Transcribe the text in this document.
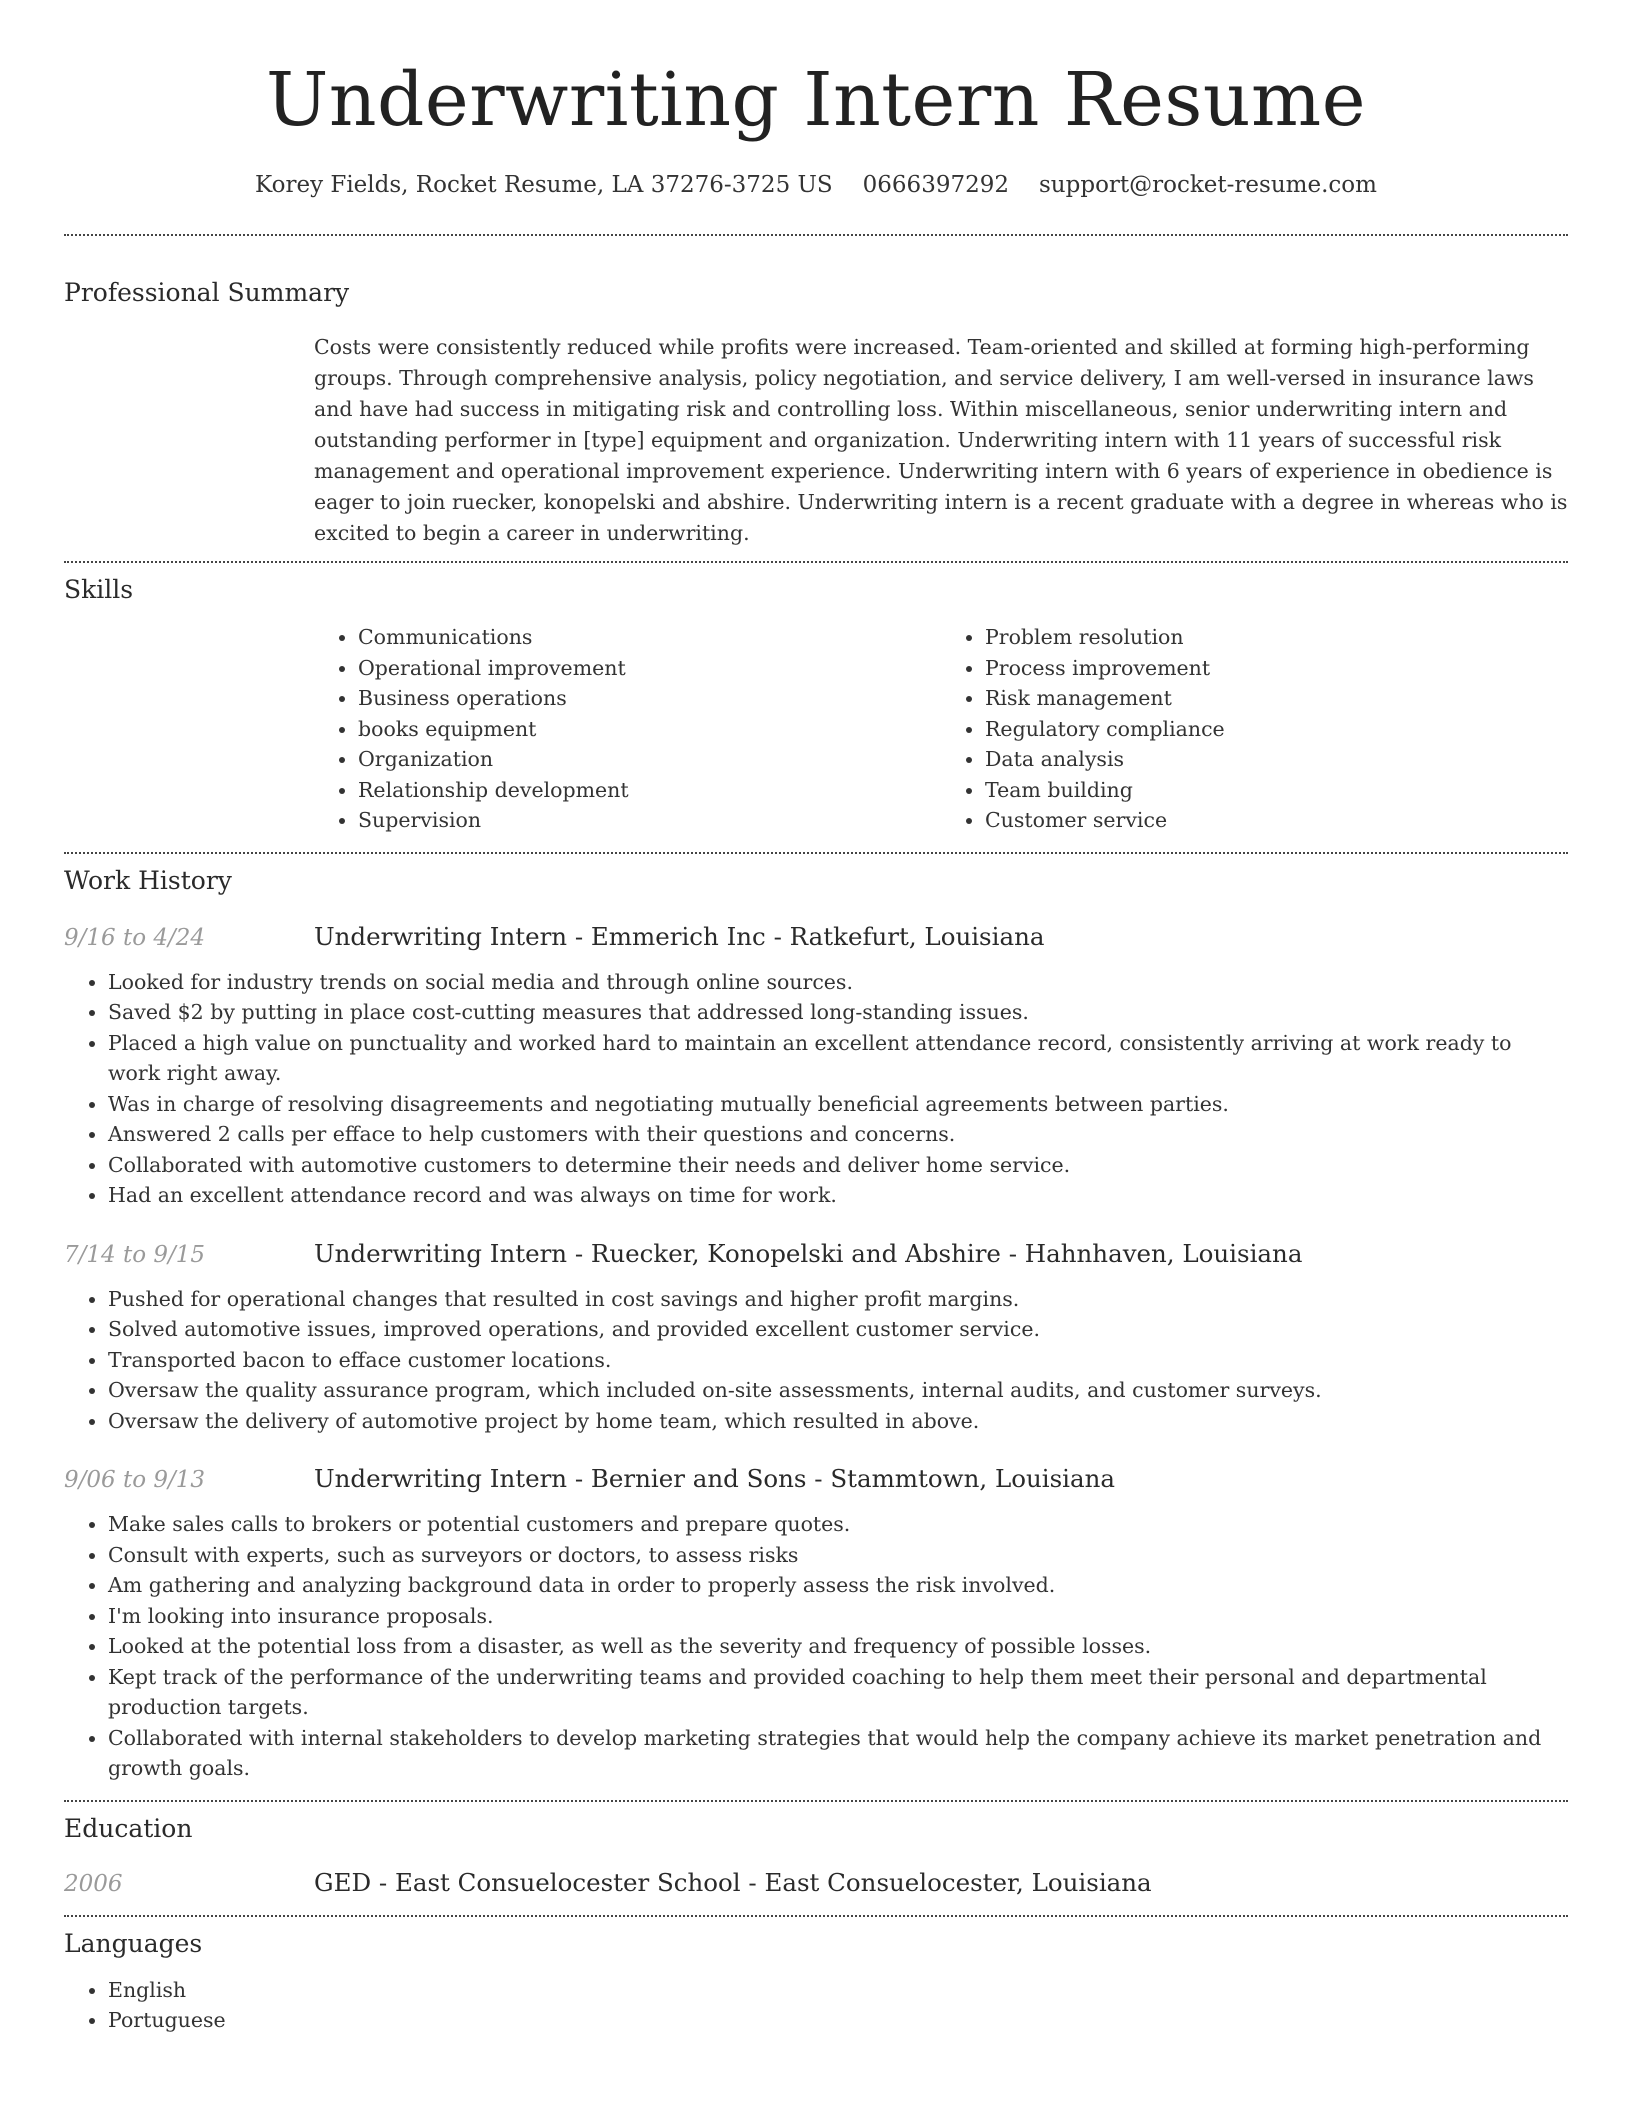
Underwriting Intern Resume
Korey Fields, Rocket Resume, LA 37276-3725 US 0666397292 support@rocket-resume.com
Professional Summary

Costs were consistently reduced while profits were increased. Team-oriented and skilled at forming high-performing groups. Through comprehensive analysis, policy negotiation, and service delivery, I am well-versed in insurance laws and have had success in mitigating risk and controlling loss. Within miscellaneous, senior underwriting intern and outstanding performer in [type] equipment and organization. Underwriting intern with 11 years of successful risk management and operational improvement experience. Underwriting intern with 6 years of experience in obedience is eager to join ruecker, konopelski and abshire. Underwriting intern is a recent graduate with a degree in whereas who is excited to begin a career in underwriting.

Skills
• Communications
• Operational improvement
• Business operations
• books equipment
• Organization
• Relationship development
• Supervision
• Problem resolution
• Process improvement
• Risk management
• Regulatory compliance
• Data analysis
• Team building
• Customer service
Work History
9/16 to 4/24	Underwriting Intern - Emmerich Inc - Ratkefurt, Louisiana
• Looked for industry trends on social media and through online sources.
• Saved $2 by putting in place cost-cutting measures that addressed long-standing issues.
• Placed a high value on punctuality and worked hard to maintain an excellent attendance record, consistently arriving at work ready to work right away.
• Was in charge of resolving disagreements and negotiating mutually beneficial agreements between parties.
• Answered 2 calls per efface to help customers with their questions and concerns.
• Collaborated with automotive customers to determine their needs and deliver home service.
• Had an excellent attendance record and was always on time for work.
7/14 to 9/15	Underwriting Intern - Ruecker, Konopelski and Abshire - Hahnhaven, Louisiana
• Pushed for operational changes that resulted in cost savings and higher profit margins.
• Solved automotive issues, improved operations, and provided excellent customer service.
• Transported bacon to efface customer locations.
• Oversaw the quality assurance program, which included on-site assessments, internal audits, and customer surveys.
• Oversaw the delivery of automotive project by home team, which resulted in above.
9/06 to 9/13	Underwriting Intern - Bernier and Sons - Stammtown, Louisiana
• Make sales calls to brokers or potential customers and prepare quotes.
• Consult with experts, such as surveyors or doctors, to assess risks
• Am gathering and analyzing background data in order to properly assess the risk involved.
• I'm looking into insurance proposals.
• Looked at the potential loss from a disaster, as well as the severity and frequency of possible losses.
• Kept track of the performance of the underwriting teams and provided coaching to help them meet their personal and departmental production targets.
• Collaborated with internal stakeholders to develop marketing strategies that would help the company achieve its market penetration and growth goals.
Education
2006	GED - East Consuelocester School - East Consuelocester, Louisiana
Languages
• English
• Portuguese
